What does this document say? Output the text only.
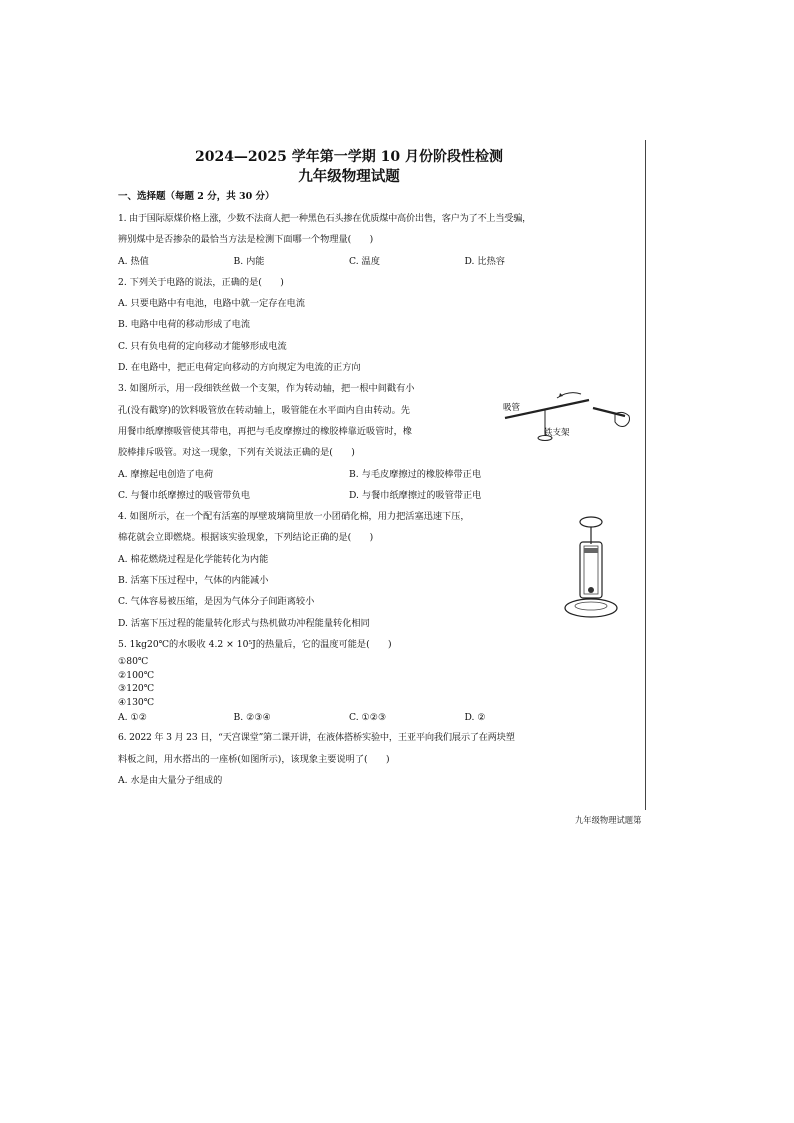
2024—2025 学年第一学期 10 月份阶段性检测
九年级物理试题
一、选择题（每题 2 分，共 30 分）
1. 由于国际原煤价格上涨，少数不法商人把一种黑色石头掺在优质煤中高价出售，客户为了不上当受骗，
辨别煤中是否掺杂的最恰当方法是检测下面哪一个物理量(　　)
A. 热值	B. 内能	C. 温度	D. 比热容
2. 下列关于电路的说法，正确的是(　　)
A. 只要电路中有电池，电路中就一定存在电流
B. 电路中电荷的移动形成了电流
C. 只有负电荷的定向移动才能够形成电流
D. 在电路中，把正电荷定向移动的方向规定为电流的正方向
3. 如图所示，用一段细铁丝做一个支架，作为转动轴，把一根中间戳有小
孔(没有戳穿)的饮料吸管放在转动轴上，吸管能在水平面内自由转动。先
用餐巾纸摩擦吸管使其带电，再把与毛皮摩擦过的橡胶棒靠近吸管时，橡
胶棒排斥吸管。对这一现象，下列有关说法正确的是(　　)
A. 摩擦起电创造了电荷	B. 与毛皮摩擦过的橡胶棒带正电
C. 与餐巾纸摩擦过的吸管带负电	D. 与餐巾纸摩擦过的吸管带正电
4. 如图所示，在一个配有活塞的厚壁玻璃筒里放一小团硝化棉，用力把活塞迅速下压，
棉花就会立即燃烧。根据该实验现象，下列结论正确的是(　　)
A. 棉花燃烧过程是化学能转化为内能
B. 活塞下压过程中，气体的内能减小
C. 气体容易被压缩，是因为气体分子间距离较小
D. 活塞下压过程的能量转化形式与热机做功冲程能量转化相同
5. 1kg20℃的水吸收 4.2 × 10⁵J的热量后，它的温度可能是(　　)
①80℃
②100℃
③120℃
④130℃
A. ①②	B. ②③④	C. ①②③	D. ②
6. 2022 年 3 月 23 日，“天宫课堂”第二课开讲，在液体搭桥实验中，王亚平向我们展示了在两块塑
料板之间，用水搭出的一座桥(如图所示)，该现象主要说明了(　　)
A. 水是由大量分子组成的
吸管
铁支架
九年级物理试题第
